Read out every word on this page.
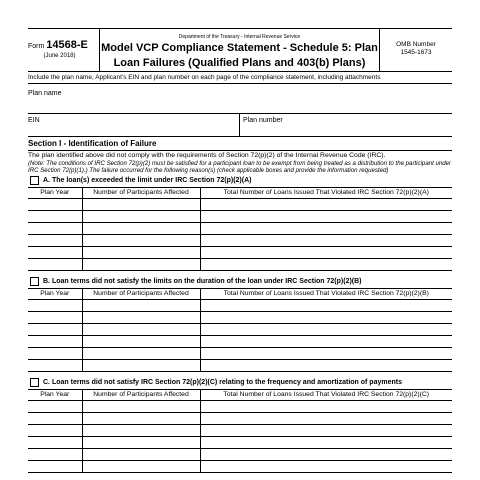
Form 14568-E
(June 2018)
Department of the Treasury - Internal Revenue Service
Model VCP Compliance Statement - Schedule 5: Plan
Loan Failures (Qualified Plans and 403(b) Plans)
OMB Number
1545-1673
Include the plan name, Applicant's EIN and plan number on each page of the compliance statement, including attachments
Plan name
EIN	Plan number
Section I - Identification of Failure
The plan identified above did not comply with the requirements of Section 72(p)(2) of the Internal Revenue Code (IRC).
(Note: The conditions of IRC Section 72(p)(2) must be satisfied for a participant loan to be exempt from being treated as a distribution to the participant under IRC Section 72(p)(1).) The failure occurred for the following reason(s) (check applicable boxes and provide the information requested)
A. The loan(s) exceeded the limit under IRC Section 72(p)(2)(A)
Plan Year	Number of Participants Affected	Total Number of Loans Issued That Violated IRC Section 72(p)(2)(A)

B. Loan terms did not satisfy the limits on the duration of the loan under IRC Section 72(p)(2)(B)
Plan Year	Number of Participants Affected	Total Number of Loans Issued That Violated IRC Section 72(p)(2)(B)

C. Loan terms did not satisfy IRC Section 72(p)(2)(C) relating to the frequency and amortization of payments
Plan Year	Number of Participants Affected	Total Number of Loans Issued That Violated IRC Section 72(p)(2)(C)
